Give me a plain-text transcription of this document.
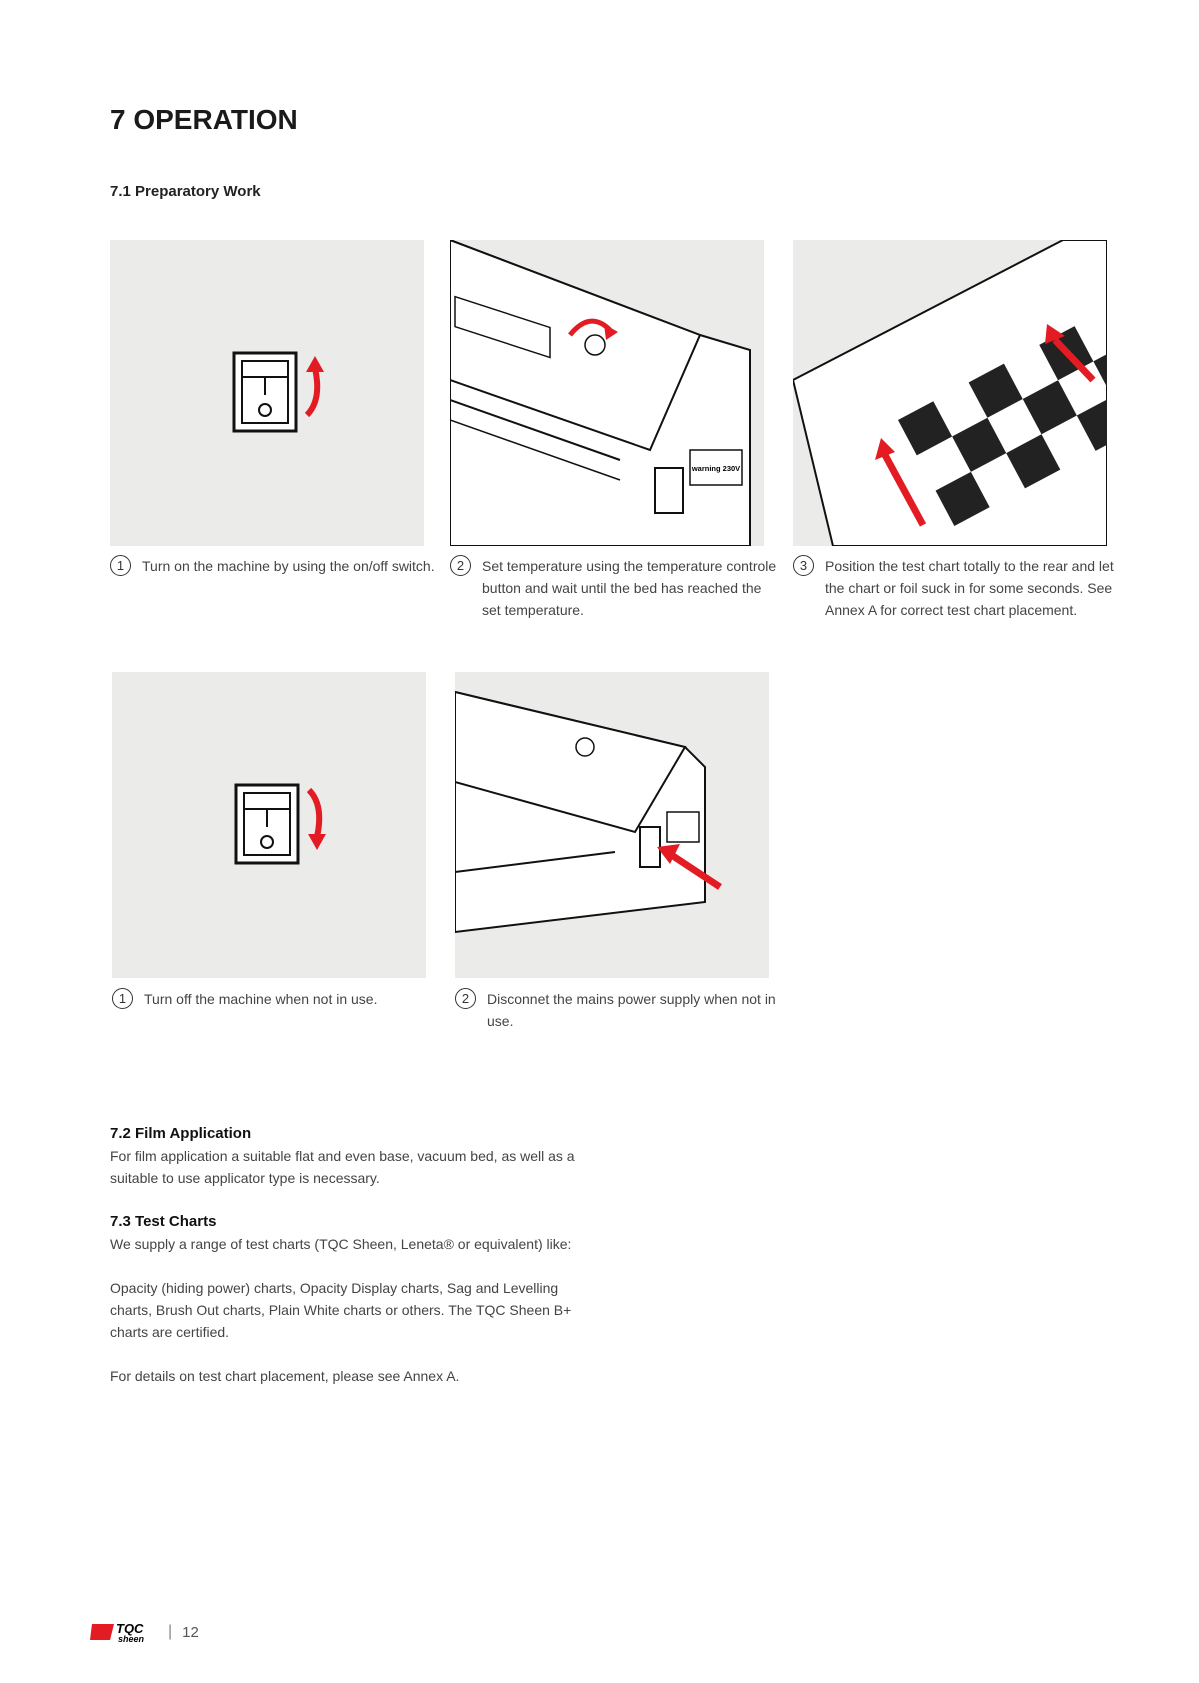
7 OPERATION
7.1 Preparatory Work
warning 230V
1	Turn on the machine by using the on/off switch.	2	Set temperature using the temperature controle button and wait until the bed has reached the set temperature.
3	Position the test chart totally to the rear and let the chart or foil suck in for some seconds. See Annex A for correct test chart placement.
1	Turn off the machine when not in use.	2	Disconnet the mains power supply when not in use.
7.2 Film Application
For film application a suitable flat and even base, vacuum bed, as well as a suitable to use applicator type is necessary.
7.3 Test Charts
We supply a range of test charts (TQC Sheen, Leneta® or equivalent) like:

Opacity (hiding power) charts, Opacity Display charts, Sag and Levelling charts, Brush Out charts, Plain White charts or others. The TQC Sheen B+ charts are certified.

For details on test chart placement, please see Annex A.

TQC
sheen | 12
